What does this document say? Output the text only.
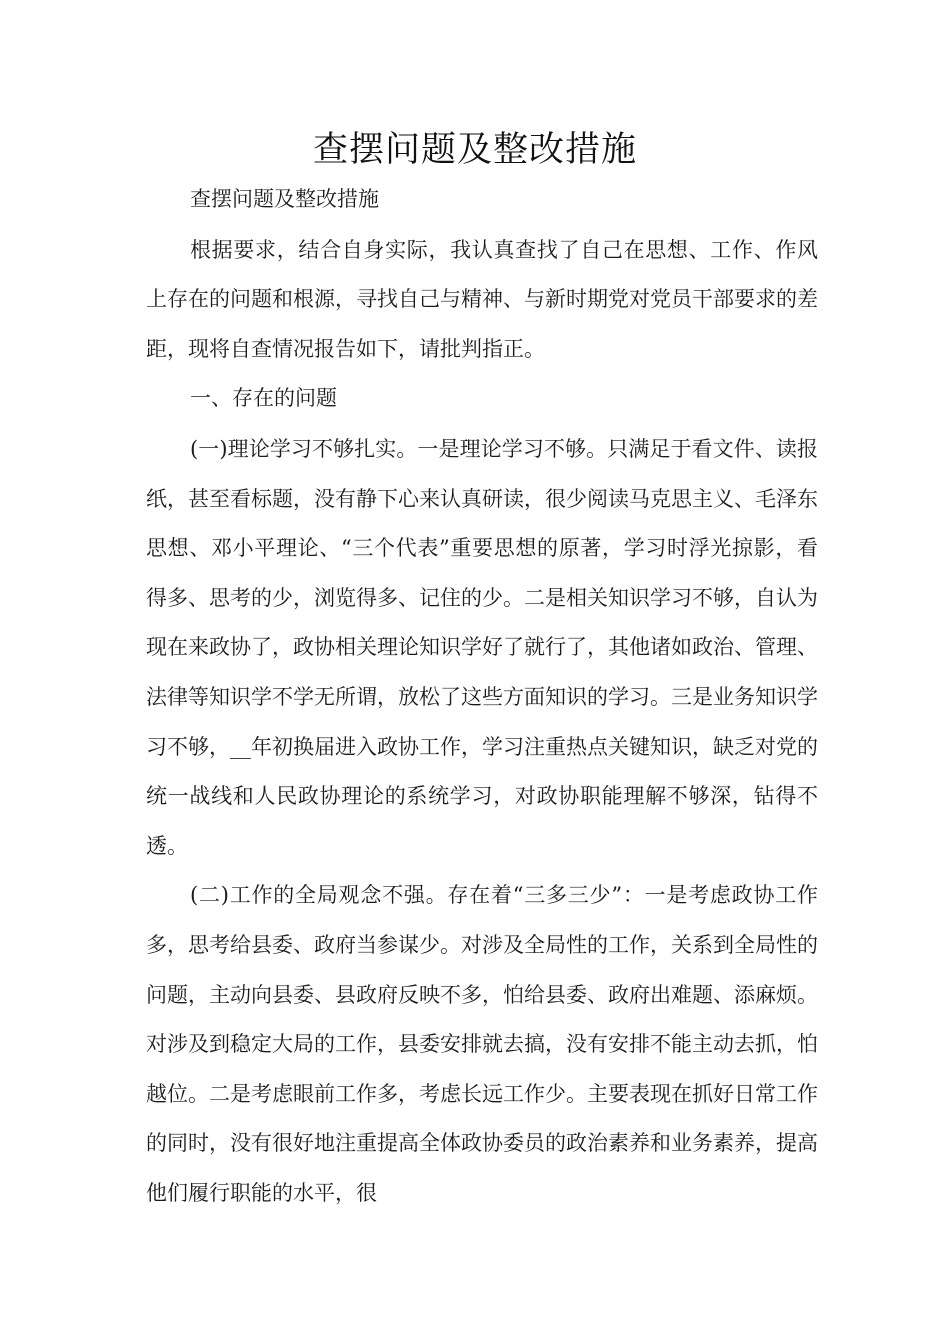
查摆问题及整改措施

查摆问题及整改措施

根据要求，结合自身实际，我认真查找了自己在思想、工作、作风上存在的问题和根源，寻找自己与精神、与新时期党对党员干部要求的差距，现将自查情况报告如下，请批判指正。

一、存在的问题

(一)理论学习不够扎实。一是理论学习不够。只满足于看文件、读报纸，甚至看标题，没有静下心来认真研读，很少阅读马克思主义、毛泽东思想、邓小平理论、“三个代表”重要思想的原著，学习时浮光掠影，看得多、思考的少，浏览得多、记住的少。二是相关知识学习不够，自认为现在来政协了，政协相关理论知识学好了就行了，其他诸如政治、管理、法律等知识学不学无所谓，放松了这些方面知识的学习。三是业务知识学习不够，__年初换届进入政协工作，学习注重热点关键知识，缺乏对党的统一战线和人民政协理论的系统学习，对政协职能理解不够深，钻得不透。

(二)工作的全局观念不强。存在着“三多三少”：一是考虑政协工作多，思考给县委、政府当参谋少。对涉及全局性的工作，关系到全局性的问题，主动向县委、县政府反映不多，怕给县委、政府出难题、添麻烦。对涉及到稳定大局的工作，县委安排就去搞，没有安排不能主动去抓，怕越位。二是考虑眼前工作多，考虑长远工作少。主要表现在抓好日常工作的同时，没有很好地注重提高全体政协委员的政治素养和业务素养，提高他们履行职能的水平，很
